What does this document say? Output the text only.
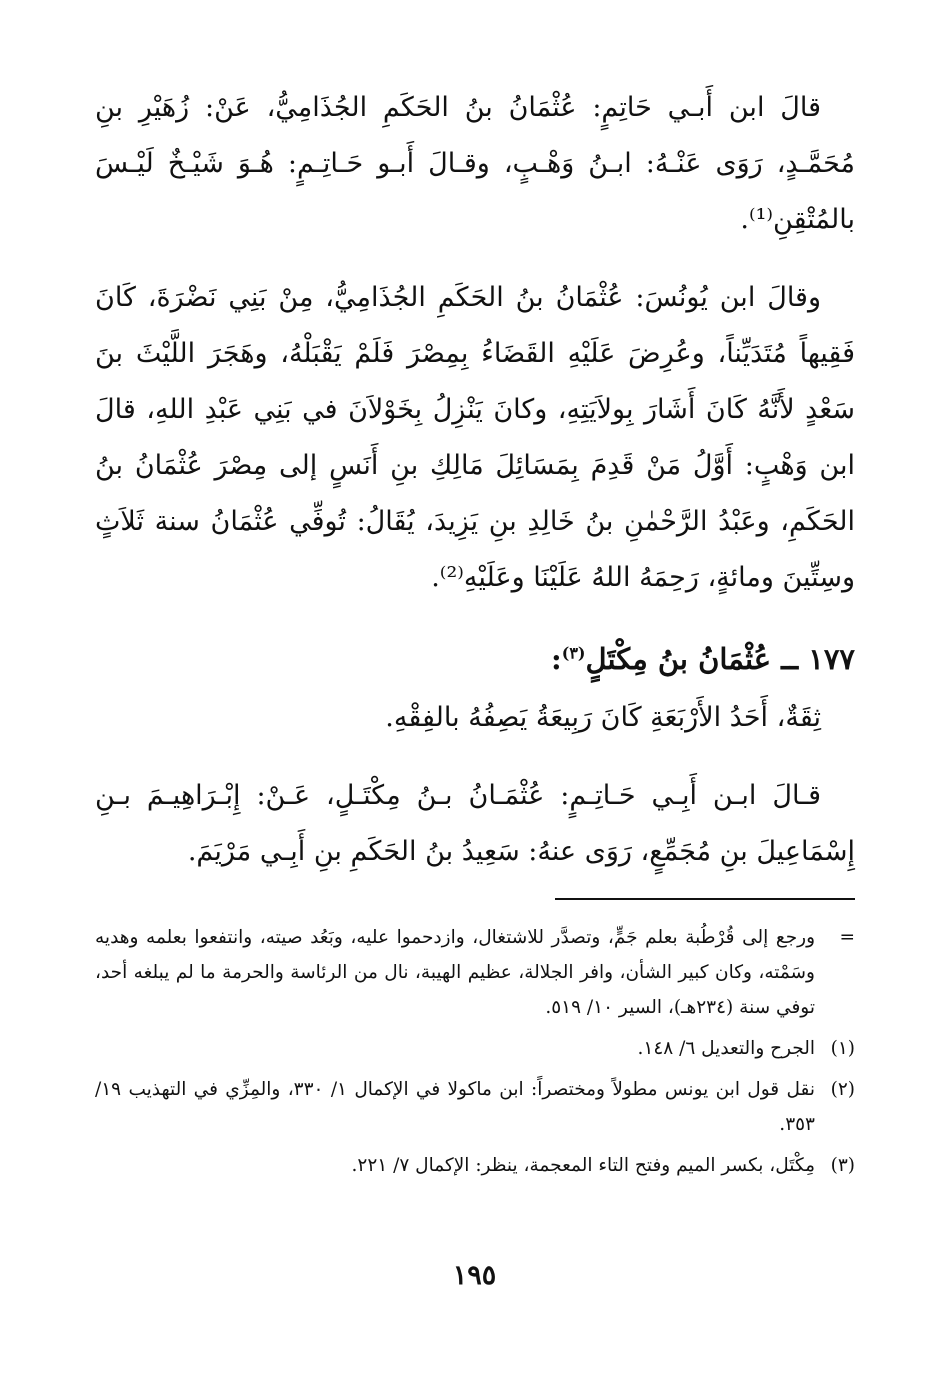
قالَ ابن أَبـي حَاتِمٍ: عُثْمَانُ بنُ الحَكَمِ الجُذَامِيُّ، عَنْ: زُهَيْرِ بنِ مُحَمَّـدٍ، رَوَى عَنْـهُ: ابـنُ وَهْـبٍ، وقـالَ أَبـو حَـاتِـمٍ: هُـوَ شَيْـخٌ لَيْـسَ بالمُتْقِنِ⁽¹⁾.

وقالَ ابن يُونُسَ: عُثْمَانُ بنُ الحَكَمِ الجُذَامِيُّ، مِنْ بَنِي نَضْرَةَ، كَانَ فَقِيهاً مُتَدَيِّناً، وعُرِضَ عَلَيْهِ القَضَاءُ بِمِصْرَ فَلَمْ يَقْبَلْهُ، وهَجَرَ اللَّيْثَ بنَ سَعْدٍ لأَنَّهُ كَانَ أَشَارَ بِولاَيَتِهِ، وكانَ يَنْزِلُ بِخَوْلاَنَ في بَنِي عَبْدِ اللهِ، قالَ ابن وَهْبٍ: أَوَّلُ مَنْ قَدِمَ بِمَسَائِلَ مَالِكِ بنِ أَنَسٍ إلى مِصْرَ عُثْمَانُ بنُ الحَكَمِ، وعَبْدُ الرَّحْمٰنِ بنُ خَالِدِ بنِ يَزِيدَ، يُقَالُ: تُوفِّي عُثْمَانُ سنة ثَلاَثٍ وسِتِّينَ ومائةٍ، رَحِمَهُ اللهُ عَلَيْنَا وعَلَيْهِ⁽²⁾.

١٧٧ ــ عُثْمَانُ بنُ مِكْتَلٍ$^{(٣)}$:

ثِقَةٌ، أَحَدُ الأَرْبَعَةِ كَانَ رَبِيعَةُ يَصِفُهُ بالفِقْهِ.

قـالَ ابـن أَبِـي حَـاتِـمٍ: عُثْمَـانُ بـنُ مِكْتَـلٍ، عَـنْ: إِبْـرَاهِيـمَ بـنِ إِسْمَاعِيلَ بنِ مُجَمِّعٍ، رَوَى عنهُ: سَعِيدُ بنُ الحَكَمِ بنِ أَبِـي مَرْيَمَ.

=
ورجع إلى قُرْطُبة بعلم جَمٍّ، وتصدَّر للاشتغال، وازدحموا عليه، وبَعُد صيته، وانتفعوا بعلمه وهديه وسَمْته، وكان كبير الشأن، وافر الجلالة، عظيم الهيبة، نال من الرئاسة والحرمة ما لم يبلغه أحد، توفي سنة (٢٣٤هـ)، السير ١٠/ ٥١٩.
(١)
الجرح والتعديل ٦/ ١٤٨.
(٢)
نقل قول ابن يونس مطولاً ومختصراً: ابن ماكولا في الإكمال ١/ ٣٣٠، والمِزِّي في التهذيب ١٩/ ٣٥٣.
(٣)
مِكْتَل، بكسر الميم وفتح التاء المعجمة، ينظر: الإكمال ٧/ ٢٢١.
١٩٥
